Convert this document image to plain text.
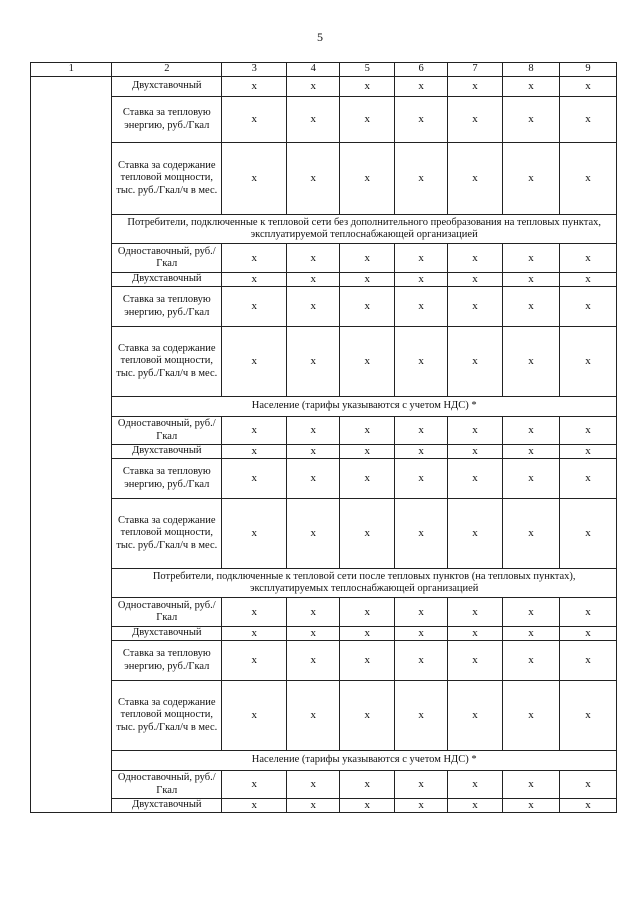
5
1	2	3	4	5	6	7	8	9
	Двухставочный	x	x	x	x	x	x	x
	Ставка за тепловую энергию, руб./Гкал	x	x	x	x	x	x	x
	Ставка за содержание тепловой мощности, тыс. руб./Гкал/ч в мес.	x	x	x	x	x	x	x
	Потребители, подключенные к тепловой сети без дополнительного преобразования на тепловых пунктах, эксплуатируемой теплоснабжающей организацией							
	Одноставочный, руб./Гкал	x	x	x	x	x	x	x
	Двухставочный	x	x	x	x	x	x	x
	Ставка за тепловую энергию, руб./Гкал	x	x	x	x	x	x	x
	Ставка за содержание тепловой мощности, тыс. руб./Гкал/ч в мес.	x	x	x	x	x	x	x
	Население (тарифы указываются с учетом НДС) *							
	Одноставочный, руб./Гкал	x	x	x	x	x	x	x
	Двухставочный	x	x	x	x	x	x	x
	Ставка за тепловую энергию, руб./Гкал	x	x	x	x	x	x	x
	Ставка за содержание тепловой мощности, тыс. руб./Гкал/ч в мес.	x	x	x	x	x	x	x
	Потребители, подключенные к тепловой сети после тепловых пунктов (на тепловых пунктах), эксплуатируемых теплоснабжающей организацией							
	Одноставочный, руб./Гкал	x	x	x	x	x	x	x
	Двухставочный	x	x	x	x	x	x	x
	Ставка за тепловую энергию, руб./Гкал	x	x	x	x	x	x	x
	Ставка за содержание тепловой мощности, тыс. руб./Гкал/ч в мес.	x	x	x	x	x	x	x
	Население (тарифы указываются с учетом НДС) *							
	Одноставочный, руб./Гкал	x	x	x	x	x	x	x
	Двухставочный	x	x	x	x	x	x	x
